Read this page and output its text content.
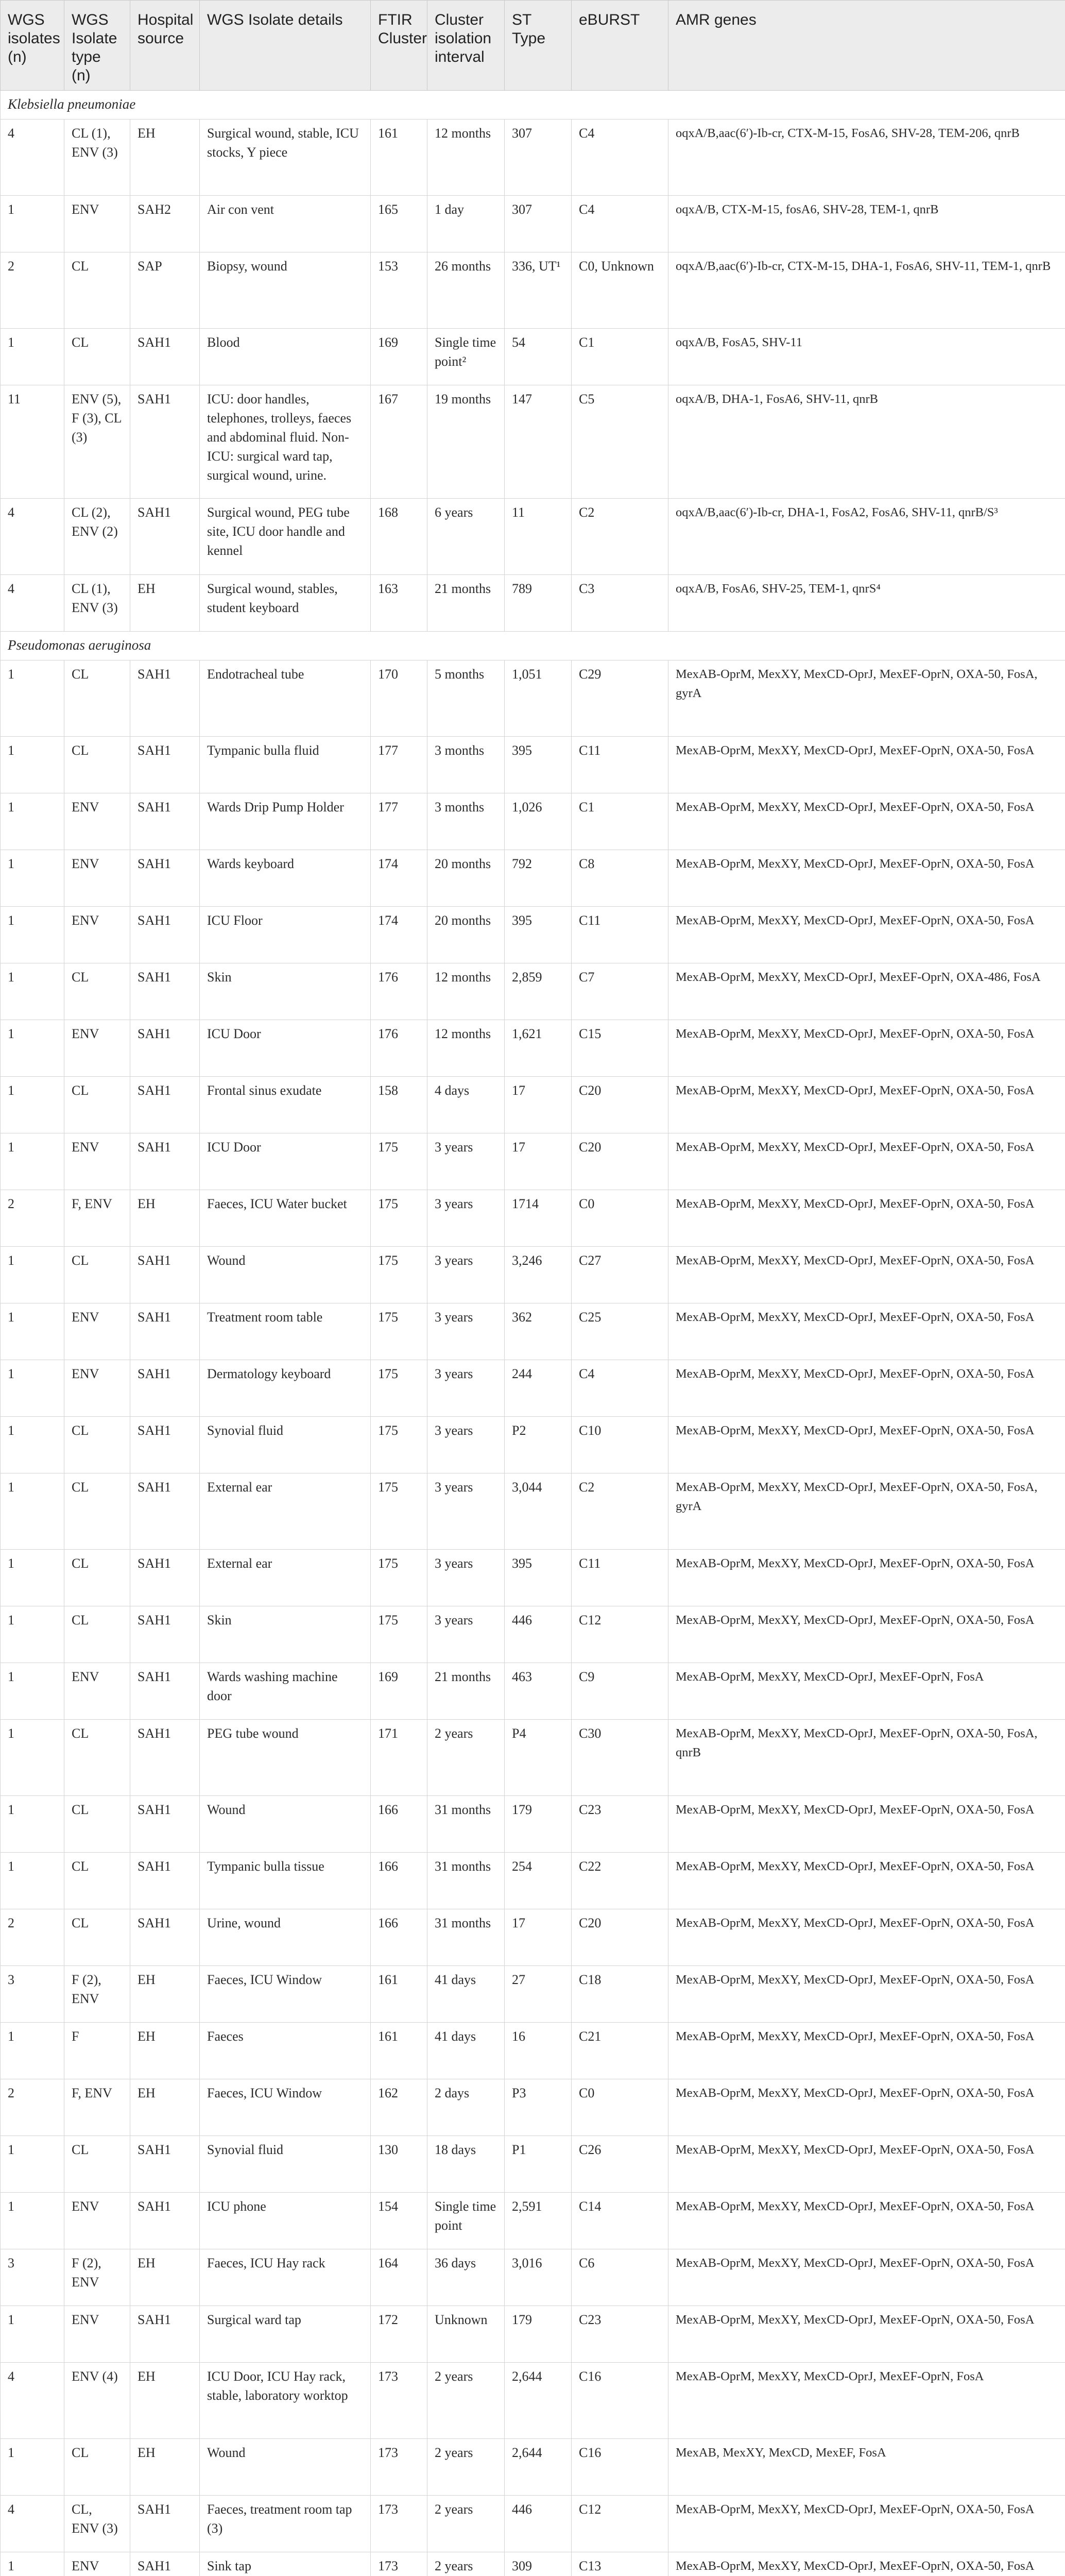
WGS isolates (n)	WGS Isolate type (n)	Hospital source	WGS Isolate details	FTIR Cluster	Cluster isolation interval	ST Type	eBURST	AMR genes
Klebsiella pneumoniae								
4	CL (1), ENV (3)	EH	Surgical wound, stable, ICU stocks, Y piece	161	12 months	307	C4	oqxA/B,aac(6′)-Ib-cr, CTX-M-15, FosA6, SHV-28, TEM-206, qnrB
1	ENV	SAH2	Air con vent	165	1 day	307	C4	oqxA/B, CTX-M-15, fosA6, SHV-28, TEM-1, qnrB
2	CL	SAP	Biopsy, wound	153	26 months	336, UT¹	C0, Unknown	oqxA/B,aac(6′)-Ib-cr, CTX-M-15, DHA-1, FosA6, SHV-11, TEM-1, qnrB
1	CL	SAH1	Blood	169	Single time point²	54	C1	oqxA/B, FosA5, SHV-11
11	ENV (5), F (3), CL (3)	SAH1	ICU: door handles, telephones, trolleys, faeces and abdominal fluid. Non-ICU: surgical ward tap, surgical wound, urine.	167	19 months	147	C5	oqxA/B, DHA-1, FosA6, SHV-11, qnrB
4	CL (2), ENV (2)	SAH1	Surgical wound, PEG tube site, ICU door handle and kennel	168	6 years	11	C2	oqxA/B,aac(6′)-Ib-cr, DHA-1, FosA2, FosA6, SHV-11, qnrB/S³
4	CL (1), ENV (3)	EH	Surgical wound, stables, student keyboard	163	21 months	789	C3	oqxA/B, FosA6, SHV-25, TEM-1, qnrS⁴
Pseudomonas aeruginosa								
1	CL	SAH1	Endotracheal tube	170	5 months	1,051	C29	MexAB-OprM, MexXY, MexCD-OprJ, MexEF-OprN, OXA-50, FosA, gyrA
1	CL	SAH1	Tympanic bulla fluid	177	3 months	395	C11	MexAB-OprM, MexXY, MexCD-OprJ, MexEF-OprN, OXA-50, FosA
1	ENV	SAH1	Wards Drip Pump Holder	177	3 months	1,026	C1	MexAB-OprM, MexXY, MexCD-OprJ, MexEF-OprN, OXA-50, FosA
1	ENV	SAH1	Wards keyboard	174	20 months	792	C8	MexAB-OprM, MexXY, MexCD-OprJ, MexEF-OprN, OXA-50, FosA
1	ENV	SAH1	ICU Floor	174	20 months	395	C11	MexAB-OprM, MexXY, MexCD-OprJ, MexEF-OprN, OXA-50, FosA
1	CL	SAH1	Skin	176	12 months	2,859	C7	MexAB-OprM, MexXY, MexCD-OprJ, MexEF-OprN, OXA-486, FosA
1	ENV	SAH1	ICU Door	176	12 months	1,621	C15	MexAB-OprM, MexXY, MexCD-OprJ, MexEF-OprN, OXA-50, FosA
1	CL	SAH1	Frontal sinus exudate	158	4 days	17	C20	MexAB-OprM, MexXY, MexCD-OprJ, MexEF-OprN, OXA-50, FosA
1	ENV	SAH1	ICU Door	175	3 years	17	C20	MexAB-OprM, MexXY, MexCD-OprJ, MexEF-OprN, OXA-50, FosA
2	F, ENV	EH	Faeces, ICU Water bucket	175	3 years	1714	C0	MexAB-OprM, MexXY, MexCD-OprJ, MexEF-OprN, OXA-50, FosA
1	CL	SAH1	Wound	175	3 years	3,246	C27	MexAB-OprM, MexXY, MexCD-OprJ, MexEF-OprN, OXA-50, FosA
1	ENV	SAH1	Treatment room table	175	3 years	362	C25	MexAB-OprM, MexXY, MexCD-OprJ, MexEF-OprN, OXA-50, FosA
1	ENV	SAH1	Dermatology keyboard	175	3 years	244	C4	MexAB-OprM, MexXY, MexCD-OprJ, MexEF-OprN, OXA-50, FosA
1	CL	SAH1	Synovial fluid	175	3 years	P2	C10	MexAB-OprM, MexXY, MexCD-OprJ, MexEF-OprN, OXA-50, FosA
1	CL	SAH1	External ear	175	3 years	3,044	C2	MexAB-OprM, MexXY, MexCD-OprJ, MexEF-OprN, OXA-50, FosA, gyrA
1	CL	SAH1	External ear	175	3 years	395	C11	MexAB-OprM, MexXY, MexCD-OprJ, MexEF-OprN, OXA-50, FosA
1	CL	SAH1	Skin	175	3 years	446	C12	MexAB-OprM, MexXY, MexCD-OprJ, MexEF-OprN, OXA-50, FosA
1	ENV	SAH1	Wards washing machine door	169	21 months	463	C9	MexAB-OprM, MexXY, MexCD-OprJ, MexEF-OprN, FosA
1	CL	SAH1	PEG tube wound	171	2 years	P4	C30	MexAB-OprM, MexXY, MexCD-OprJ, MexEF-OprN, OXA-50, FosA, qnrB
1	CL	SAH1	Wound	166	31 months	179	C23	MexAB-OprM, MexXY, MexCD-OprJ, MexEF-OprN, OXA-50, FosA
1	CL	SAH1	Tympanic bulla tissue	166	31 months	254	C22	MexAB-OprM, MexXY, MexCD-OprJ, MexEF-OprN, OXA-50, FosA
2	CL	SAH1	Urine, wound	166	31 months	17	C20	MexAB-OprM, MexXY, MexCD-OprJ, MexEF-OprN, OXA-50, FosA
3	F (2), ENV	EH	Faeces, ICU Window	161	41 days	27	C18	MexAB-OprM, MexXY, MexCD-OprJ, MexEF-OprN, OXA-50, FosA
1	F	EH	Faeces	161	41 days	16	C21	MexAB-OprM, MexXY, MexCD-OprJ, MexEF-OprN, OXA-50, FosA
2	F, ENV	EH	Faeces, ICU Window	162	2 days	P3	C0	MexAB-OprM, MexXY, MexCD-OprJ, MexEF-OprN, OXA-50, FosA
1	CL	SAH1	Synovial fluid	130	18 days	P1	C26	MexAB-OprM, MexXY, MexCD-OprJ, MexEF-OprN, OXA-50, FosA
1	ENV	SAH1	ICU phone	154	Single time point	2,591	C14	MexAB-OprM, MexXY, MexCD-OprJ, MexEF-OprN, OXA-50, FosA
3	F (2), ENV	EH	Faeces, ICU Hay rack	164	36 days	3,016	C6	MexAB-OprM, MexXY, MexCD-OprJ, MexEF-OprN, OXA-50, FosA
1	ENV	SAH1	Surgical ward tap	172	Unknown	179	C23	MexAB-OprM, MexXY, MexCD-OprJ, MexEF-OprN, OXA-50, FosA
4	ENV (4)	EH	ICU Door, ICU Hay rack, stable, laboratory worktop	173	2 years	2,644	C16	MexAB-OprM, MexXY, MexCD-OprJ, MexEF-OprN, FosA
1	CL	EH	Wound	173	2 years	2,644	C16	MexAB, MexXY, MexCD, MexEF, FosA
4	CL, ENV (3)	SAH1	Faeces, treatment room tap (3)	173	2 years	446	C12	MexAB-OprM, MexXY, MexCD-OprJ, MexEF-OprN, OXA-50, FosA
1	ENV	SAH1	Sink tap	173	2 years	309	C13	MexAB-OprM, MexXY, MexCD-OprJ, MexEF-OprN, OXA-50, FosA
